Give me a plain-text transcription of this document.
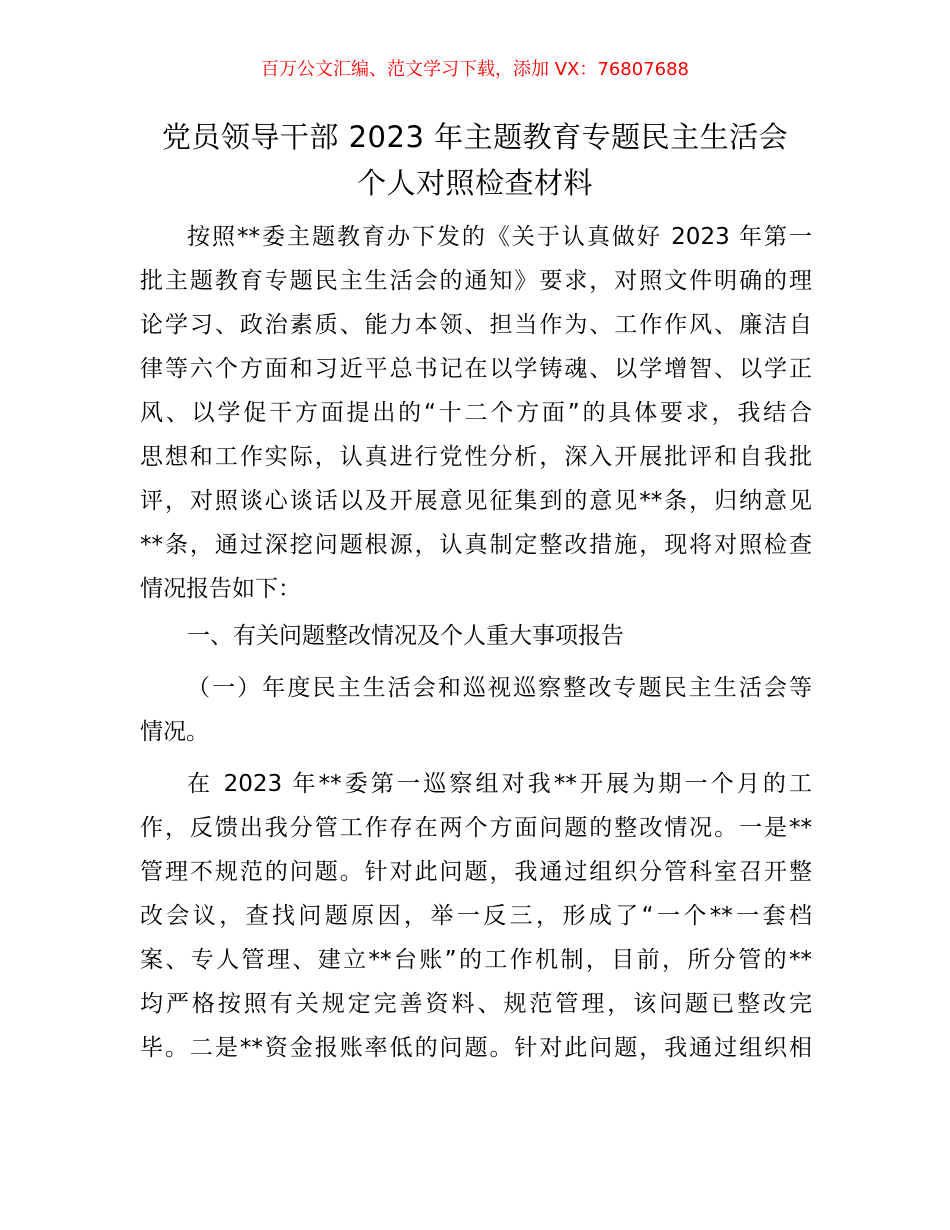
百万公文汇编、范文学习下载，添加 VX：76807688
党员领导干部 2023 年主题教育专题民主生活会
个人对照检查材料
按照**委主题教育办下发的《关于认真做好 2023 年第一
批主题教育专题民主生活会的通知》要求，对照文件明确的理
论学习、政治素质、能力本领、担当作为、工作作风、廉洁自
律等六个方面和习近平总书记在以学铸魂、以学增智、以学正
风、以学促干方面提出的“十二个方面”的具体要求，我结合
思想和工作实际，认真进行党性分析，深入开展批评和自我批
评，对照谈心谈话以及开展意见征集到的意见**条，归纳意见
**条，通过深挖问题根源，认真制定整改措施，现将对照检查
情况报告如下：
一、有关问题整改情况及个人重大事项报告
（一）年度民主生活会和巡视巡察整改专题民主生活会等
情况。
在 2023 年**委第一巡察组对我**开展为期一个月的工
作，反馈出我分管工作存在两个方面问题的整改情况。一是**
管理不规范的问题。针对此问题，我通过组织分管科室召开整
改会议，查找问题原因，举一反三，形成了“一个**一套档
案、专人管理、建立**台账”的工作机制，目前，所分管的**
均严格按照有关规定完善资料、规范管理，该问题已整改完
毕。二是**资金报账率低的问题。针对此问题，我通过组织相
